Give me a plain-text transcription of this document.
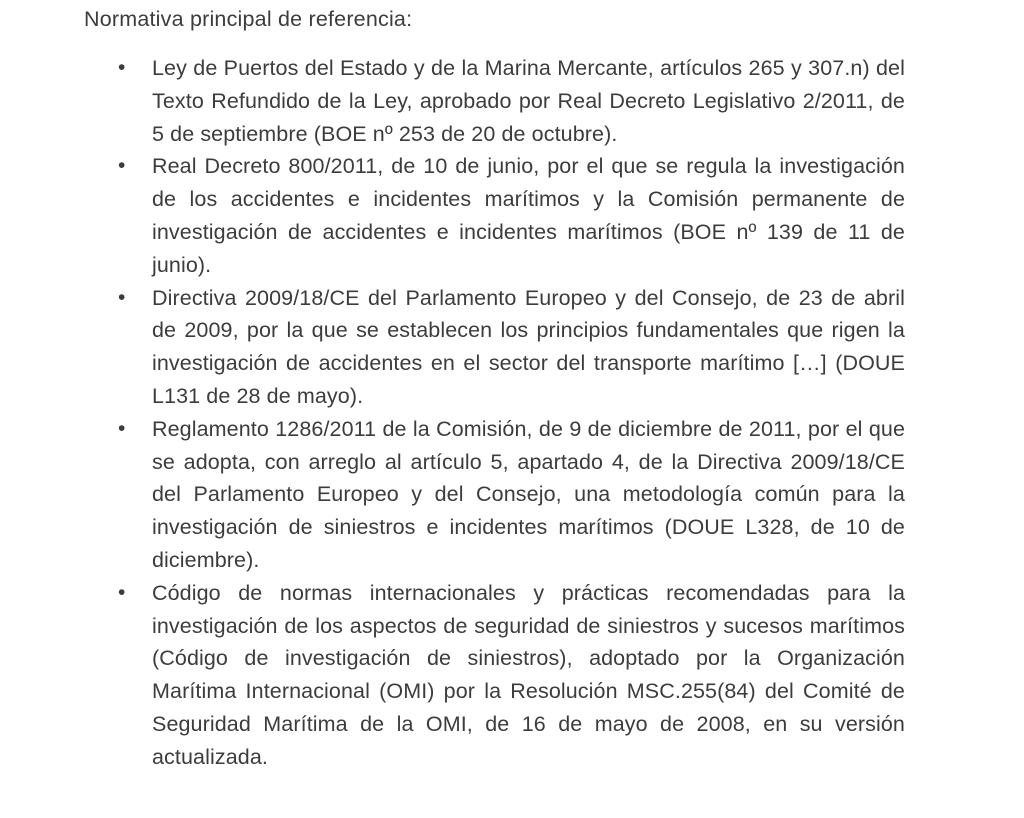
Normativa principal de referencia:
• Ley de Puertos del Estado y de la Marina Mercante, artículos 265 y 307.n) del Texto Refundido de la Ley, aprobado por Real Decreto Legislativo 2/2011, de 5 de septiembre (BOE nº 253 de 20 de octubre).
• Real Decreto 800/2011, de 10 de junio, por el que se regula la investigación de los accidentes e incidentes marítimos y la Comisión permanente de investigación de accidentes e incidentes marítimos (BOE nº 139 de 11 de junio).
• Directiva 2009/18/CE del Parlamento Europeo y del Consejo, de 23 de abril de 2009, por la que se establecen los principios fundamentales que rigen la investigación de accidentes en el sector del transporte marítimo […] (DOUE L131 de 28 de mayo).
• Reglamento 1286/2011 de la Comisión, de 9 de diciembre de 2011, por el que se adopta, con arreglo al artículo 5, apartado 4, de la Directiva 2009/18/CE del Parlamento Europeo y del Consejo, una metodología común para la investigación de siniestros e incidentes marítimos (DOUE L328, de 10 de diciembre).
• Código de normas internacionales y prácticas recomendadas para la investigación de los aspectos de seguridad de siniestros y sucesos marítimos (Código de investigación de siniestros), adoptado por la Organización Marítima Internacional (OMI) por la Resolución MSC.255(84) del Comité de Seguridad Marítima de la OMI, de 16 de mayo de 2008, en su versión actualizada.
